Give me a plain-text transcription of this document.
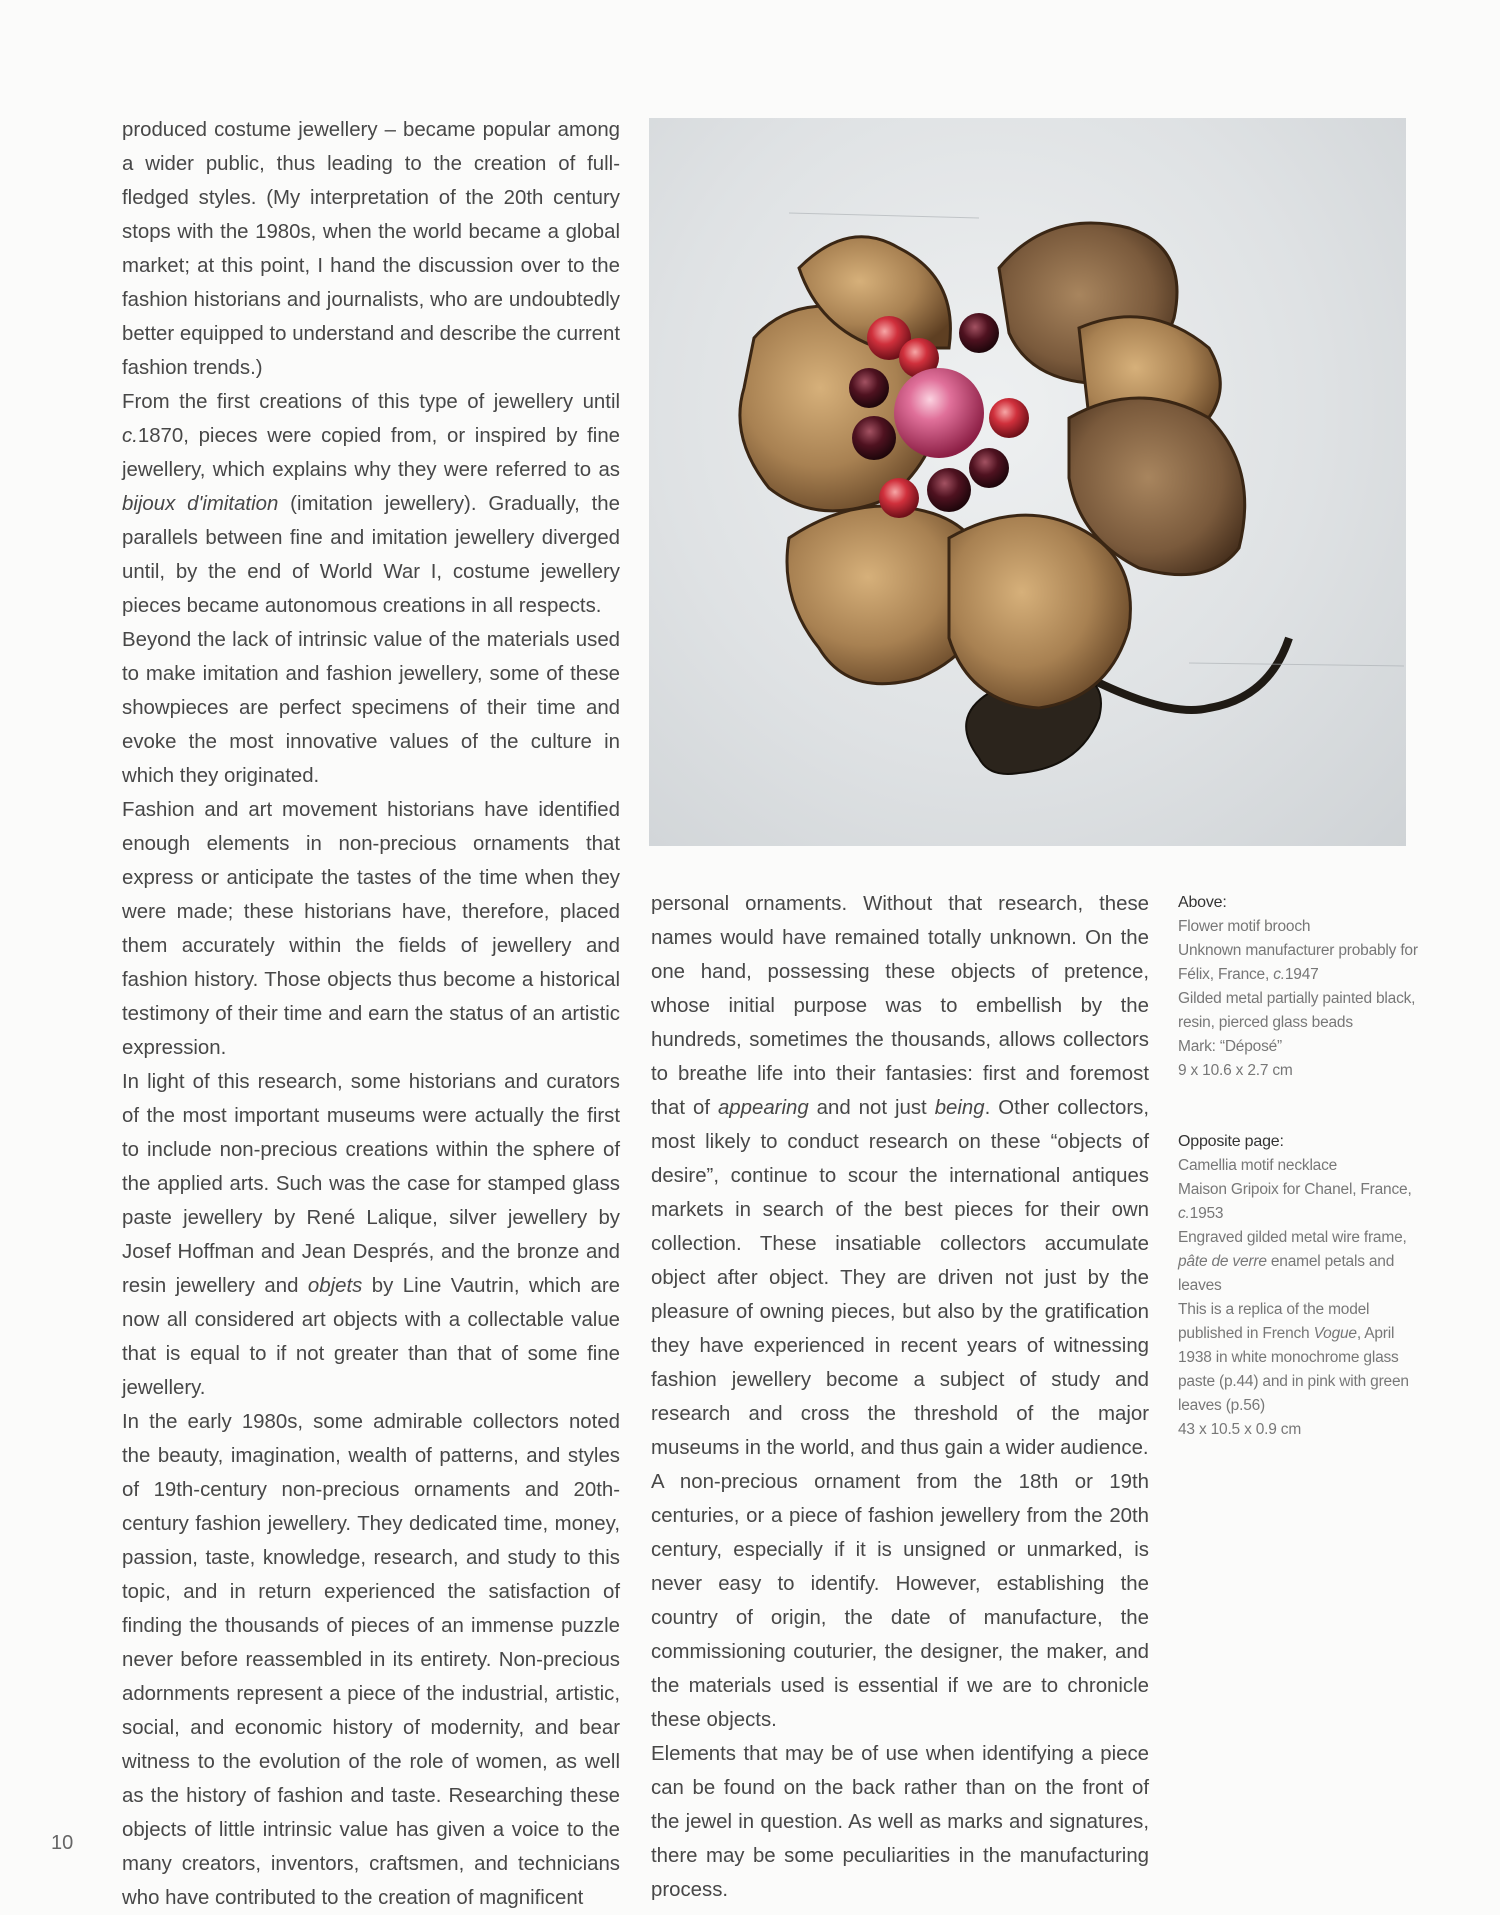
produced costume jewellery – became popular among a wider public, thus leading to the creation of full-fledged styles. (My interpretation of the 20th century stops with the 1980s, when the world became a global market; at this point, I hand the discussion over to the fashion historians and journalists, who are undoubtedly better equipped to understand and describe the current fashion trends.)

From the first creations of this type of jewellery until c.1870, pieces were copied from, or inspired by fine jewellery, which explains why they were referred to as bijoux d'imitation (imitation jewellery). Gradually, the parallels between fine and imitation jewellery diverged until, by the end of World War I, costume jewellery pieces became autonomous creations in all respects.

Beyond the lack of intrinsic value of the materials used to make imitation and fashion jewellery, some of these showpieces are perfect specimens of their time and evoke the most innovative values of the culture in which they originated.

Fashion and art movement historians have identified enough elements in non-precious ornaments that express or anticipate the tastes of the time when they were made; these historians have, therefore, placed them accurately within the fields of jewellery and fashion history. Those objects thus become a historical testimony of their time and earn the status of an artistic expression.

In light of this research, some historians and curators of the most important museums were actually the first to include non-precious creations within the sphere of the applied arts. Such was the case for stamped glass paste jewellery by René Lalique, silver jewellery by Josef Hoffman and Jean Després, and the bronze and resin jewellery and objets by Line Vautrin, which are now all considered art objects with a collectable value that is equal to if not greater than that of some fine jewellery.

In the early 1980s, some admirable collectors noted the beauty, imagination, wealth of patterns, and styles of 19th-century non-precious ornaments and 20th-century fashion jewellery. They dedicated time, money, passion, taste, knowledge, research, and study to this topic, and in return experienced the satisfaction of finding the thousands of pieces of an immense puzzle never before reassembled in its entirety. Non-precious adornments represent a piece of the industrial, artistic, social, and economic history of modernity, and bear witness to the evolution of the role of women, as well as the history of fashion and taste. Researching these objects of little intrinsic value has given a voice to the many creators, inventors, craftsmen, and technicians who have contributed to the creation of magnificent

personal ornaments. Without that research, these names would have remained totally unknown. On the one hand, possessing these objects of pretence, whose initial purpose was to embellish by the hundreds, sometimes the thousands, allows collectors to breathe life into their fantasies: first and foremost that of appearing and not just being. Other collectors, most likely to conduct research on these “objects of desire”, continue to scour the international antiques markets in search of the best pieces for their own collection. These insatiable collectors accumulate object after object. They are driven not just by the pleasure of owning pieces, but also by the gratification they have experienced in recent years of witnessing fashion jewellery become a subject of study and research and cross the threshold of the major museums in the world, and thus gain a wider audience.

A non-precious ornament from the 18th or 19th centuries, or a piece of fashion jewellery from the 20th century, especially if it is unsigned or unmarked, is never easy to identify. However, establishing the country of origin, the date of manufacture, the commissioning couturier, the designer, the maker, and the materials used is essential if we are to chronicle these objects.

Elements that may be of use when identifying a piece can be found on the back rather than on the front of the jewel in question. As well as marks and signatures, there may be some peculiarities in the manufacturing process.

Above:
Flower motif brooch
Unknown manufacturer probably for Félix, France, c.1947
Gilded metal partially painted black, resin, pierced glass beads
Mark: “Déposé”
9 x 10.6 x 2.7 cm
Opposite page:
Camellia motif necklace
Maison Gripoix for Chanel, France, c.1953
Engraved gilded metal wire frame, pâte de verre enamel petals and leaves
This is a replica of the model published in French Vogue, April 1938 in white monochrome glass paste (p.44) and in pink with green leaves (p.56)
43 x 10.5 x 0.9 cm
10
